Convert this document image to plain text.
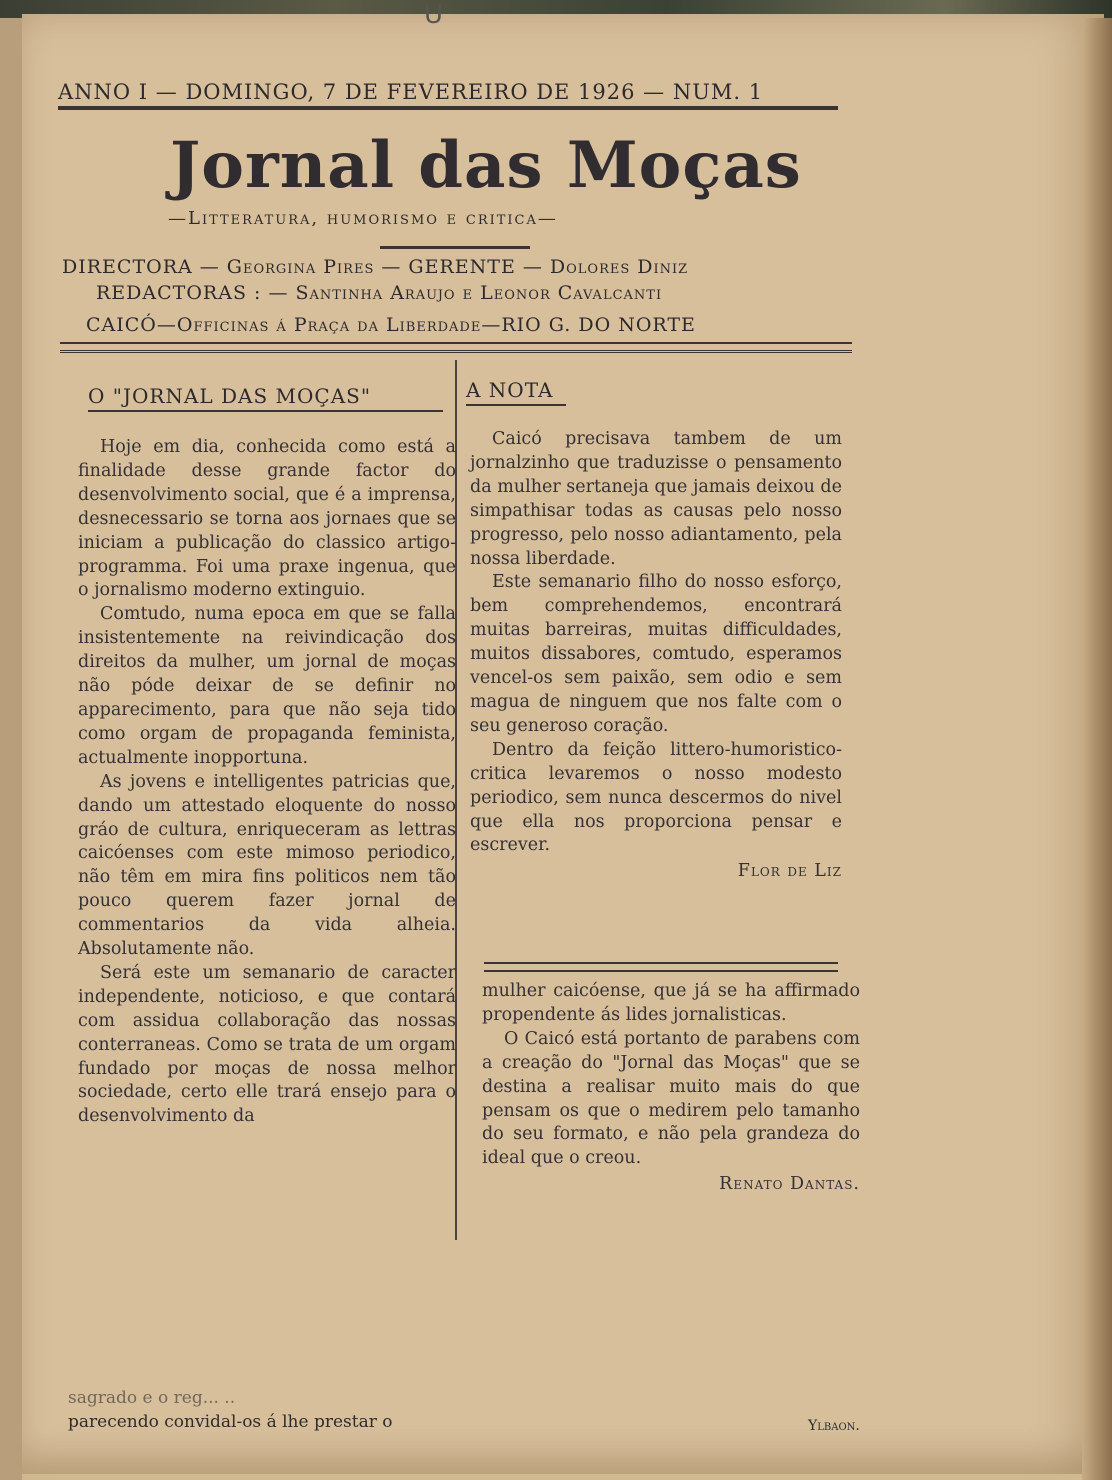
U
ANNO I — DOMINGO, 7 DE FEVEREIRO DE 1926 — NUM. 1
Jornal das Moças
—Litteratura, humorismo e critica—
DIRECTORA — Georgina Pires — GERENTE — Dolores Diniz
REDACTORAS : — Santinha Araujo e Leonor Cavalcanti
CAICÓ—Officinas á Praça da Liberdade—RIO G. DO NORTE
O "JORNAL DAS MOÇAS"	A NOTA

Hoje em dia, conhecida como está a finalidade desse grande factor do desenvolvimento social, que é a imprensa, desnecessario se torna aos jornaes que se iniciam a publicação do classico artigo-programma. Foi uma praxe ingenua, que o jornalismo moderno extinguio.

Comtudo, numa epoca em que se falla insistentemente na reivindicação dos direitos da mulher, um jornal de moças não póde deixar de se definir no apparecimento, para que não seja tido como orgam de propaganda feminista, actualmente inopportuna.

As jovens e intelligentes patricias que, dando um attestado eloquente do nosso gráo de cultura, enriqueceram as lettras caicóenses com este mimoso periodico, não têm em mira fins politicos nem tão pouco querem fazer jornal de commentarios da vida alheia. Absolutamente não.

Será este um semanario de caracter independente, noticioso, e que contará com assidua collaboração das nossas conterraneas. Como se trata de um orgam fundado por moças de nossa melhor sociedade, certo elle trará ensejo para o desenvolvimento da

Caicó precisava tambem de um jornalzinho que traduzisse o pensamento da mulher sertaneja que jamais deixou de simpathisar todas as causas pelo nosso progresso, pelo nosso adiantamento, pela nossa liberdade.

Este semanario filho do nosso esforço, bem comprehendemos, encontrará muitas barreiras, muitas difficuldades, muitos dissabores, comtudo, esperamos vencel-os sem paixão, sem odio e sem magua de ninguem que nos falte com o seu generoso coração.

Dentro da feição littero-humoristico-critica levaremos o nosso modesto periodico, sem nunca descermos do nivel que ella nos proporciona pensar e escrever.

Flor de Liz

mulher caicóense, que já se ha affirmado propendente ás lides jornalisticas.

O Caicó está portanto de parabens com a creação do "Jornal das Moças" que se destina a realisar muito mais do que pensam os que o medirem pelo tamanho do seu formato, e não pela grandeza do ideal que o creou.

Renato Dantas.
sagrado e o reg... ..
parecendo convidal-os á lhe prestar o	Ylbaon.
